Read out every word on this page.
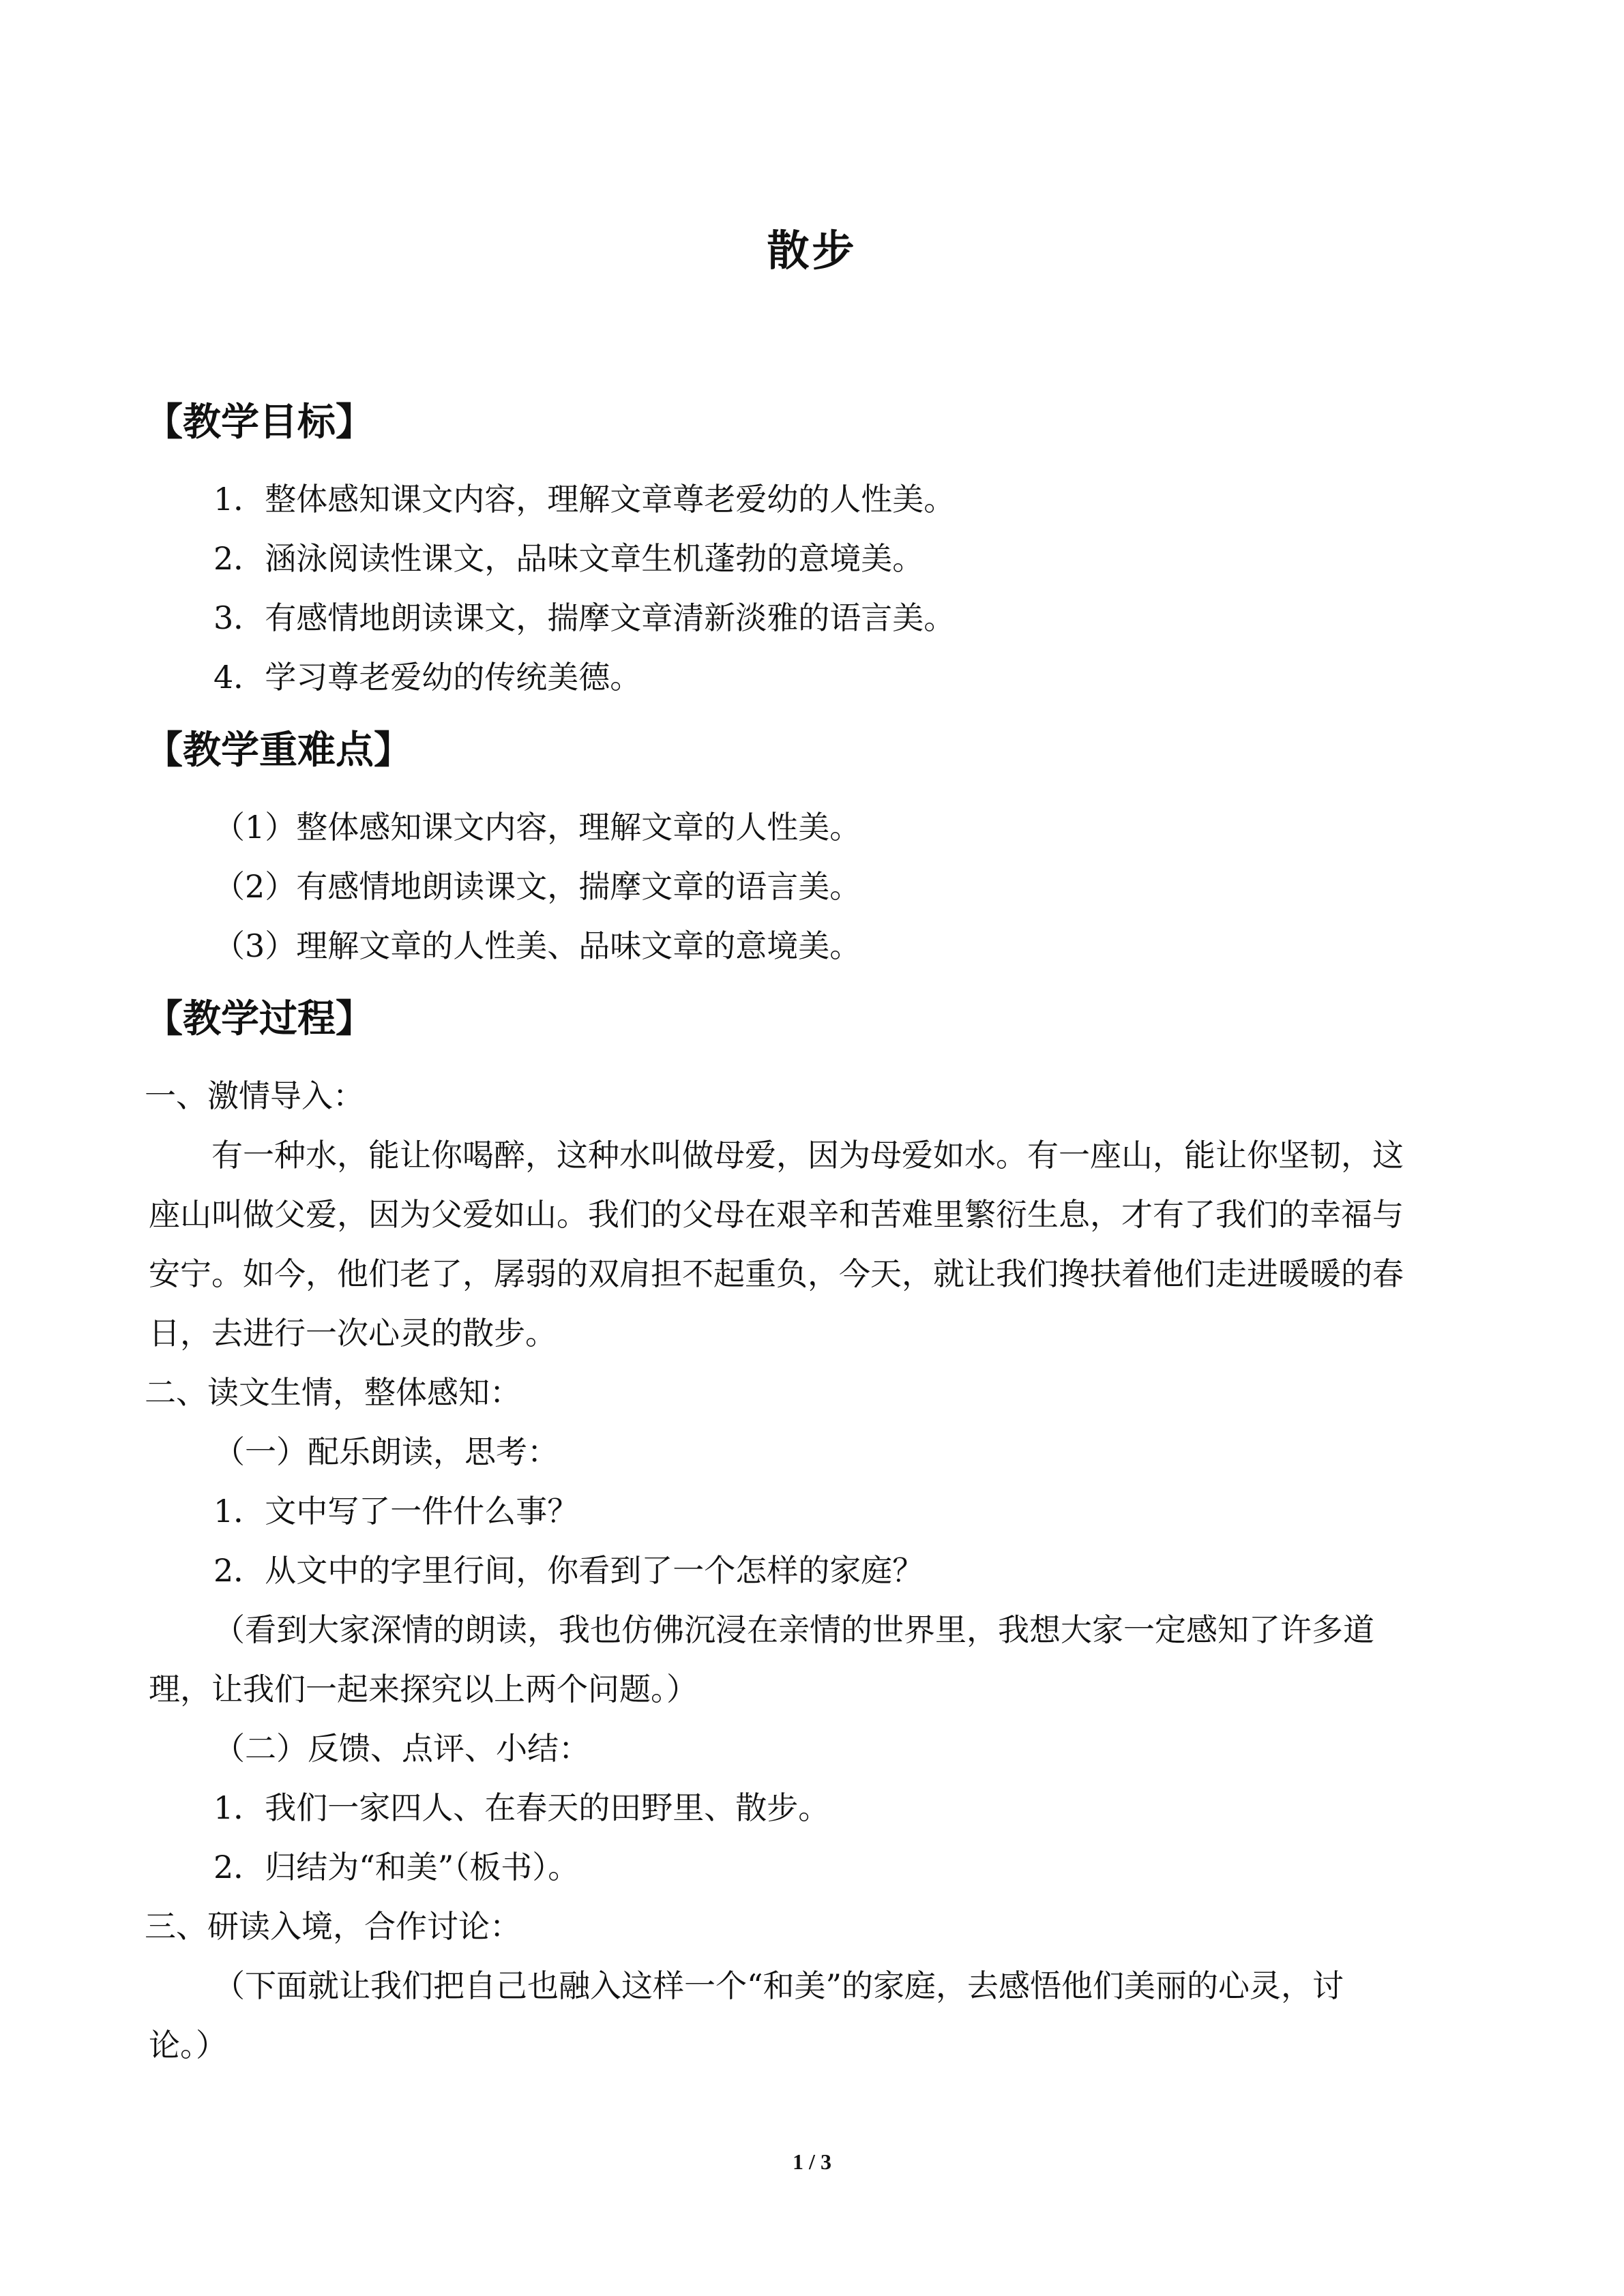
散步
【教学目标】
1．整体感知课文内容，理解文章尊老爱幼的人性美。
2．涵泳阅读性课文，品味文章生机蓬勃的意境美。
3．有感情地朗读课文，揣摩文章清新淡雅的语言美。
4．学习尊老爱幼的传统美德。
【教学重难点】
（1）整体感知课文内容，理解文章的人性美。
（2）有感情地朗读课文，揣摩文章的语言美。
（3）理解文章的人性美、品味文章的意境美。
【教学过程】
一、激情导入：
有一种水，能让你喝醉，这种水叫做母爱，因为母爱如水。有一座山，能让你坚韧，这
座山叫做父爱，因为父爱如山。我们的父母在艰辛和苦难里繁衍生息，才有了我们的幸福与
安宁。如今，他们老了，孱弱的双肩担不起重负，今天，就让我们搀扶着他们走进暖暖的春
日，去进行一次心灵的散步。
二、读文生情，整体感知：
（一）配乐朗读，思考：
1．文中写了一件什么事？
2．从文中的字里行间，你看到了一个怎样的家庭？
（看到大家深情的朗读，我也仿佛沉浸在亲情的世界里，我想大家一定感知了许多道
理，让我们一起来探究以上两个问题。）
（二）反馈、点评、小结：
1．我们一家四人、在春天的田野里、散步。
2．归结为“和美”（板书）。
三、研读入境，合作讨论：
（下面就让我们把自己也融入这样一个“和美”的家庭，去感悟他们美丽的心灵，讨
论。）
1 / 3
